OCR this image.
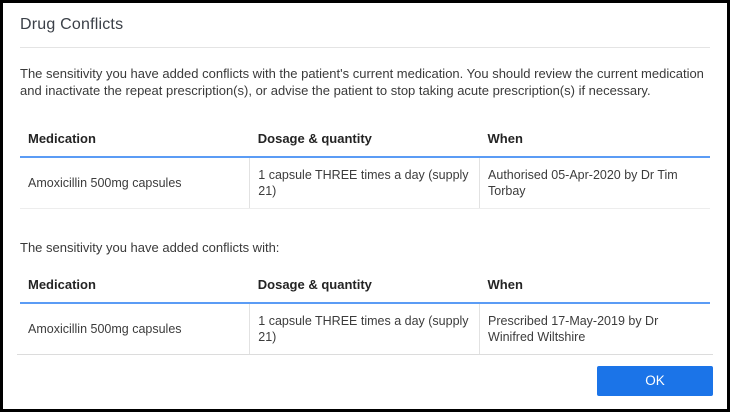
Drug Conflicts

The sensitivity you have added conflicts with the patient's current medication. You should review the current medication and inactivate the repeat prescription(s), or advise the patient to stop taking acute prescription(s) if necessary.

Medication	Dosage & quantity	When
Amoxicillin 500mg capsules	1 capsule THREE times a day (supply 21)	Authorised 05-Apr-2020 by Dr Tim Torbay

The sensitivity you have added conflicts with:

Medication	Dosage & quantity	When
Amoxicillin 500mg capsules	1 capsule THREE times a day (supply 21)	Prescribed 17-May-2019 by Dr Winifred Wiltshire
OK
